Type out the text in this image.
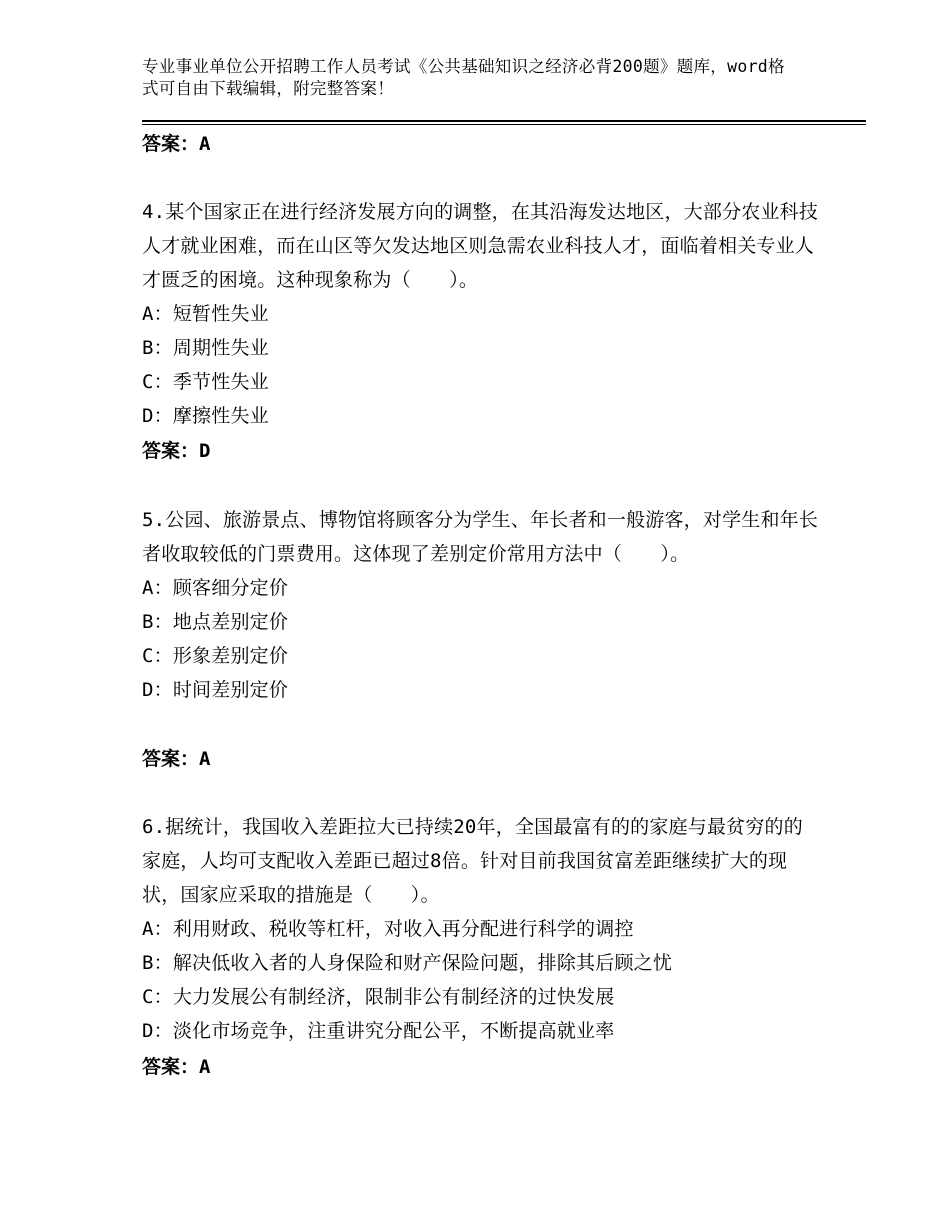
专业事业单位公开招聘工作人员考试《公共基础知识之经济必背200题》题库，word格式可自由下载编辑，附完整答案！
答案：A

4.某个国家正在进行经济发展方向的调整，在其沿海发达地区，大部分农业科技人才就业困难，而在山区等欠发达地区则急需农业科技人才，面临着相关专业人才匮乏的困境。这种现象称为（　　）。

A：短暂性失业

B：周期性失业

C：季节性失业

D：摩擦性失业

答案：D

5.公园、旅游景点、博物馆将顾客分为学生、年长者和一般游客，对学生和年长者收取较低的门票费用。这体现了差别定价常用方法中（　　）。

A：顾客细分定价

B：地点差别定价

C：形象差别定价

D：时间差别定价

答案：A

6.据统计，我国收入差距拉大已持续20年，全国最富有的的家庭与最贫穷的的家庭，人均可支配收入差距已超过8倍。针对目前我国贫富差距继续扩大的现状，国家应采取的措施是（　　）。

A：利用财政、税收等杠杆，对收入再分配进行科学的调控

B：解决低收入者的人身保险和财产保险问题，排除其后顾之忧

C：大力发展公有制经济，限制非公有制经济的过快发展

D：淡化市场竞争，注重讲究分配公平，不断提高就业率

答案：A
